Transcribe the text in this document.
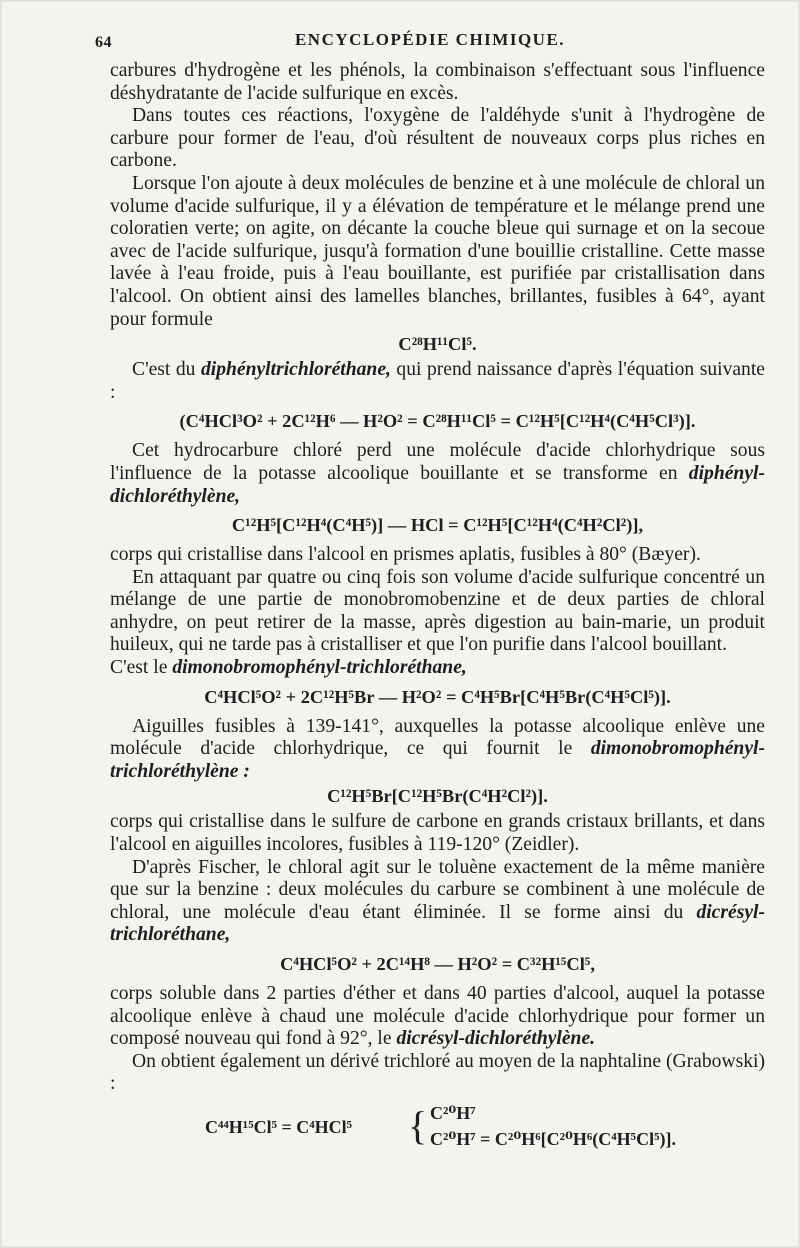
64	ENCYCLOPÉDIE CHIMIQUE.

carbures d'hydrogène et les phénols, la combinaison s'effectuant sous l'influence déshydratante de l'acide sulfurique en excès.

Dans toutes ces réactions, l'oxygène de l'aldéhyde s'unit à l'hydrogène de carbure pour former de l'eau, d'où résultent de nouveaux corps plus riches en carbone.

Lorsque l'on ajoute à deux molécules de benzine et à une molécule de chloral un volume d'acide sulfurique, il y a élévation de température et le mélange prend une coloratien verte; on agite, on décante la couche bleue qui surnage et on la secoue avec de l'acide sulfurique, jusqu'à formation d'une bouillie cristalline. Cette masse lavée à l'eau froide, puis à l'eau bouillante, est purifiée par cristallisation dans l'alcool. On obtient ainsi des lamelles blanches, brillantes, fusibles à 64°, ayant pour formule

C²⁸H¹¹Cl⁵.

C'est du diphényltrichloréthane, qui prend naissance d'après l'équation suivante :

(C⁴HCl³O² + 2C¹²H⁶ — H²O² = C²⁸H¹¹Cl⁵ = C¹²H⁵[C¹²H⁴(C⁴H⁵Cl³)].

Cet hydrocarbure chloré perd une molécule d'acide chlorhydrique sous l'influence de la potasse alcoolique bouillante et se transforme en diphényl-dichloréthylène,

C¹²H⁵[C¹²H⁴(C⁴H⁵)] — HCl = C¹²H⁵[C¹²H⁴(C⁴H²Cl²)],

corps qui cristallise dans l'alcool en prismes aplatis, fusibles à 80° (Bæyer).

En attaquant par quatre ou cinq fois son volume d'acide sulfurique concentré un mélange de une partie de monobromobenzine et de deux parties de chloral anhydre, on peut retirer de la masse, après digestion au bain-marie, un produit huileux, qui ne tarde pas à cristalliser et que l'on purifie dans l'alcool bouillant.

C'est le dimonobromophényl-trichloréthane,

C⁴HCl⁵O² + 2C¹²H⁵Br — H²O² = C⁴H⁵Br[C⁴H⁵Br(C⁴H⁵Cl⁵)].

Aiguilles fusibles à 139-141°, auxquelles la potasse alcoolique enlève une molécule d'acide chlorhydrique, ce qui fournit le dimonobromophényl-trichloréthylène :

C¹²H⁵Br[C¹²H⁵Br(C⁴H²Cl²)].

corps qui cristallise dans le sulfure de carbone en grands cristaux brillants, et dans l'alcool en aiguilles incolores, fusibles à 119-120° (Zeidler).

D'après Fischer, le chloral agit sur le toluène exactement de la même manière que sur la benzine : deux molécules du carbure se combinent à une molécule de chloral, une molécule d'eau étant éliminée. Il se forme ainsi du dicrésyl-trichloréthane,

C⁴HCl⁵O² + 2C¹⁴H⁸ — H²O² = C³²H¹⁵Cl⁵,

corps soluble dans 2 parties d'éther et dans 40 parties d'alcool, auquel la potasse alcoolique enlève à chaud une molécule d'acide chlorhydrique pour former un composé nouveau qui fond à 92°, le dicrésyl-dichloréthylène.

On obtient également un dérivé trichloré au moyen de la naphtaline (Grabowski) :

C⁴⁴H¹⁵Cl⁵ = C⁴HCl⁵ { C²⁰H⁷
C²⁰H⁷ = C²⁰H⁶[C²⁰H⁶(C⁴H⁵Cl⁵)].
